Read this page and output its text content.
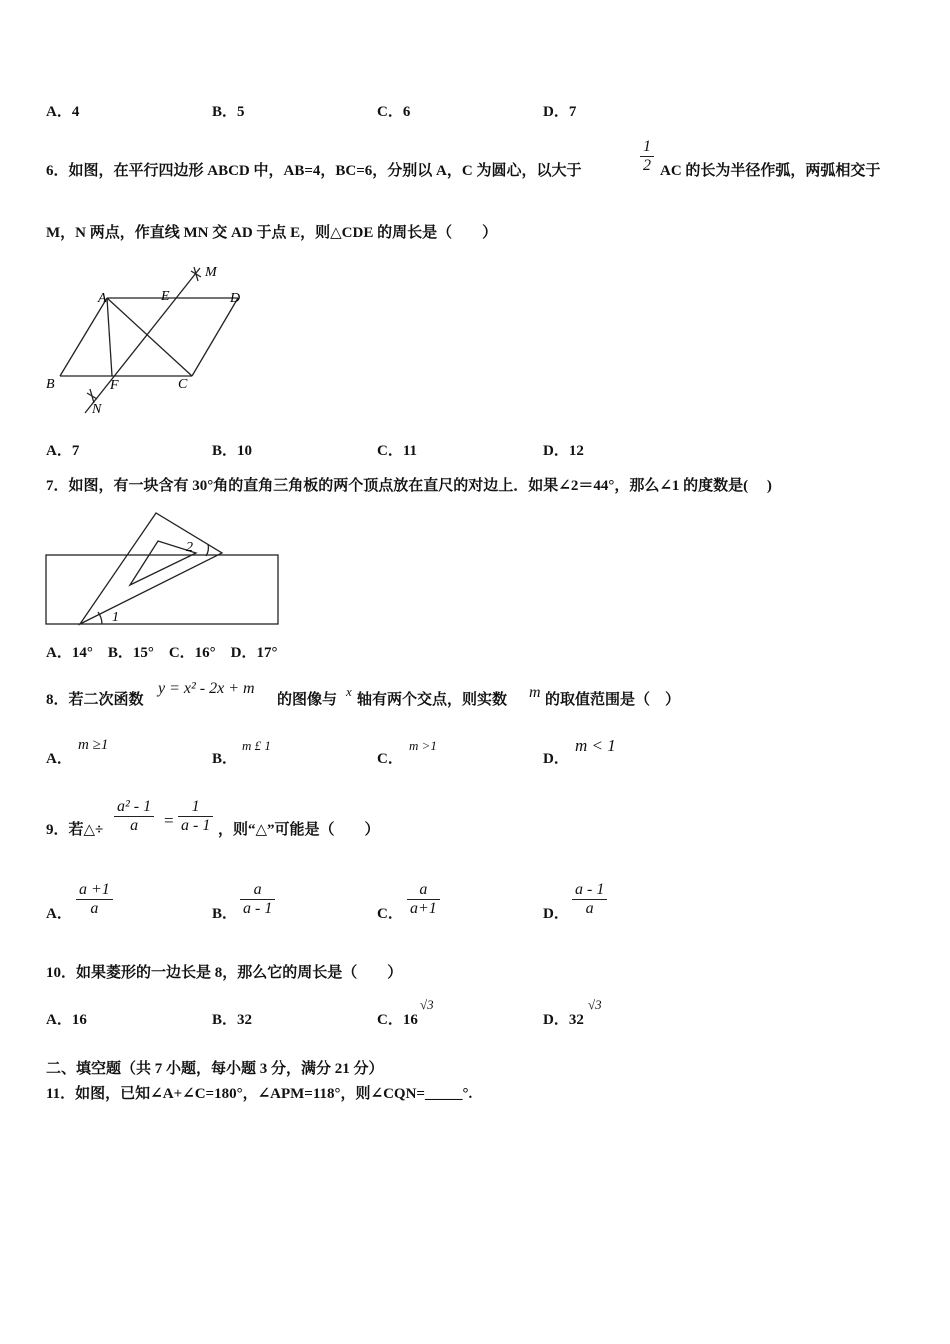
A．4	B．5	C．6	D．7
6．如图，在平行四边形 ABCD 中，AB=4，BC=6，分别以 A，C 为圆心，以大于
1
2 AC 的长为半径作弧，两弧相交于
M，N 两点，作直线 MN 交 AD 于点 E，则△CDE 的周长是（　　）
A	E	D
B	F	C
M
N
A．7	B．10	C．11	D．12
7．如图，有一块含有 30°角的直角三角板的两个顶点放在直尺的对边上．如果∠2＝44°，那么∠1 的度数是(　 )
2
1
A．14°　B．15°　C．16°　D．17°
8．若二次函数
y = x² - 2x + m
的图像与
x
轴有两个交点，则实数 m 的取值范围是（　）
A．
m ≥1
B．
m £ 1
C．
m >1
D．
m < 1
9．若△÷
a² - 1
a =
1
a - 1 ，则“△”可能是（　　）
A．
a +1
a	B．
a
a - 1	C．
a
a+1	D．
a - 1
a
10．如果菱形的一边长是 8，那么它的周长是（　　）
A．16	B．32	C．16
√3
D．32
√3
二、填空题（共 7 小题，每小题 3 分，满分 21 分）
11．如图，已知∠A+∠C=180°，∠APM=118°，则∠CQN=_____°.
